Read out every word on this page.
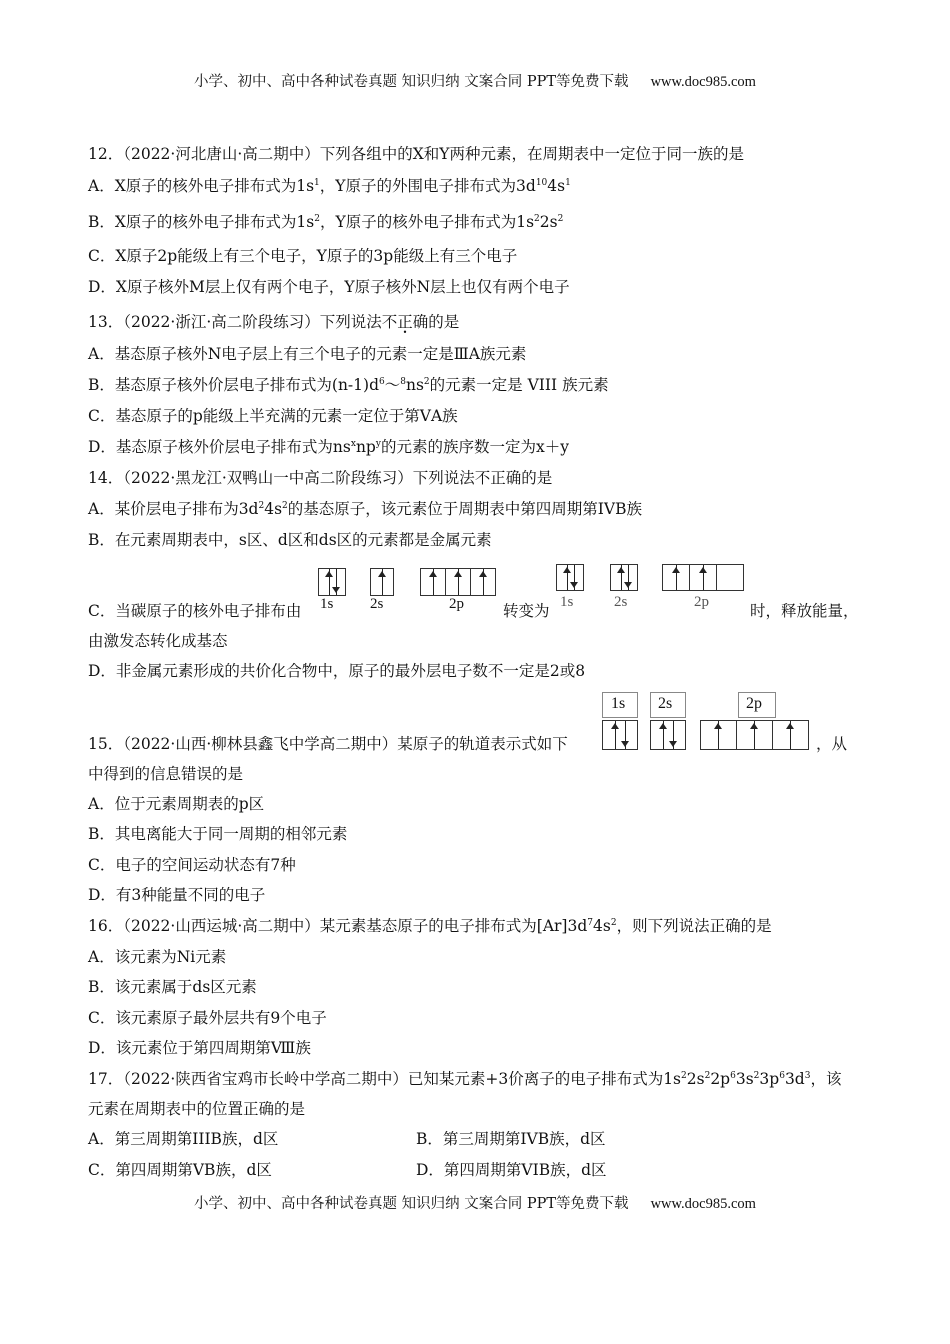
小学、初中、高中各种试卷真题 知识归纳 文案合同 PPT等免费下载 www.doc985.com
12．（2022·河北唐山·高二期中）下列各组中的X和Y两种元素，在周期表中一定位于同一族的是
A．X原子的核外电子排布式为$1s^1$，Y原子的外围电子排布式为$3d^{10}4s^1$
B．X原子的核外电子排布式为$1s^2$，Y原子的核外电子排布式为$1s^22s^2$
C．X原子2p能级上有三个电子，Y原子的3p能级上有三个电子
D．X原子核外M层上仅有两个电子，Y原子核外N层上也仅有两个电子
13．（2022·浙江·高二阶段练习）下列说法不正确的是
A．基态原子核外N电子层上有三个电子的元素一定是ⅢA族元素
B．基态原子核外价层电子排布式为$(n-1)d^6\sim^8ns^2$的元素一定是 VIII 族元素
C．基态原子的p能级上半充满的元素一定位于第ⅤA族
D．基态原子核外价层电子排布式为$ns^xnp^y$的元素的族序数一定为x＋y
14．（2022·黑龙江·双鸭山一中高二阶段练习）下列说法不正确的是
A．某价层电子排布为$3d^24s^2$的基态原子，该元素位于周期表中第四周期第IVB族
B．在元素周期表中，s区、d区和ds区的元素都是金属元素
1s 2s	2p	1s	2s	2p
C．当碳原子的核外电子排布由	转变为	时，释放能量，
由激发态转化成基态
D．非金属元素形成的共价化合物中，原子的最外层电子数不一定是2或8
1s 2s	2p
15．（2022·山西·柳林县鑫飞中学高二期中）某原子的轨道表示式如下	，从
中得到的信息错误的是
A．位于元素周期表的p区
B．其电离能大于同一周期的相邻元素
C．电子的空间运动状态有7种
D．有3种能量不同的电子
16．（2022·山西运城·高二期中）某元素基态原子的电子排布式为$[Ar]3d^74s^2$，则下列说法正确的是
A．该元素为Ni元素
B．该元素属于ds区元素
C．该元素原子最外层共有9个电子
D．该元素位于第四周期第Ⅷ族
17．（2022·陕西省宝鸡市长岭中学高二期中）已知某元素+3价离子的电子排布式为$1s^22s^22p^63s^23p^63d^3$，该
元素在周期表中的位置正确的是
A．第三周期第IIIB族，d区	B．第三周期第IVB族，d区
C．第四周期第VB族，d区	D．第四周期第VIB族，d区
小学、初中、高中各种试卷真题 知识归纳 文案合同 PPT等免费下载 www.doc985.com
